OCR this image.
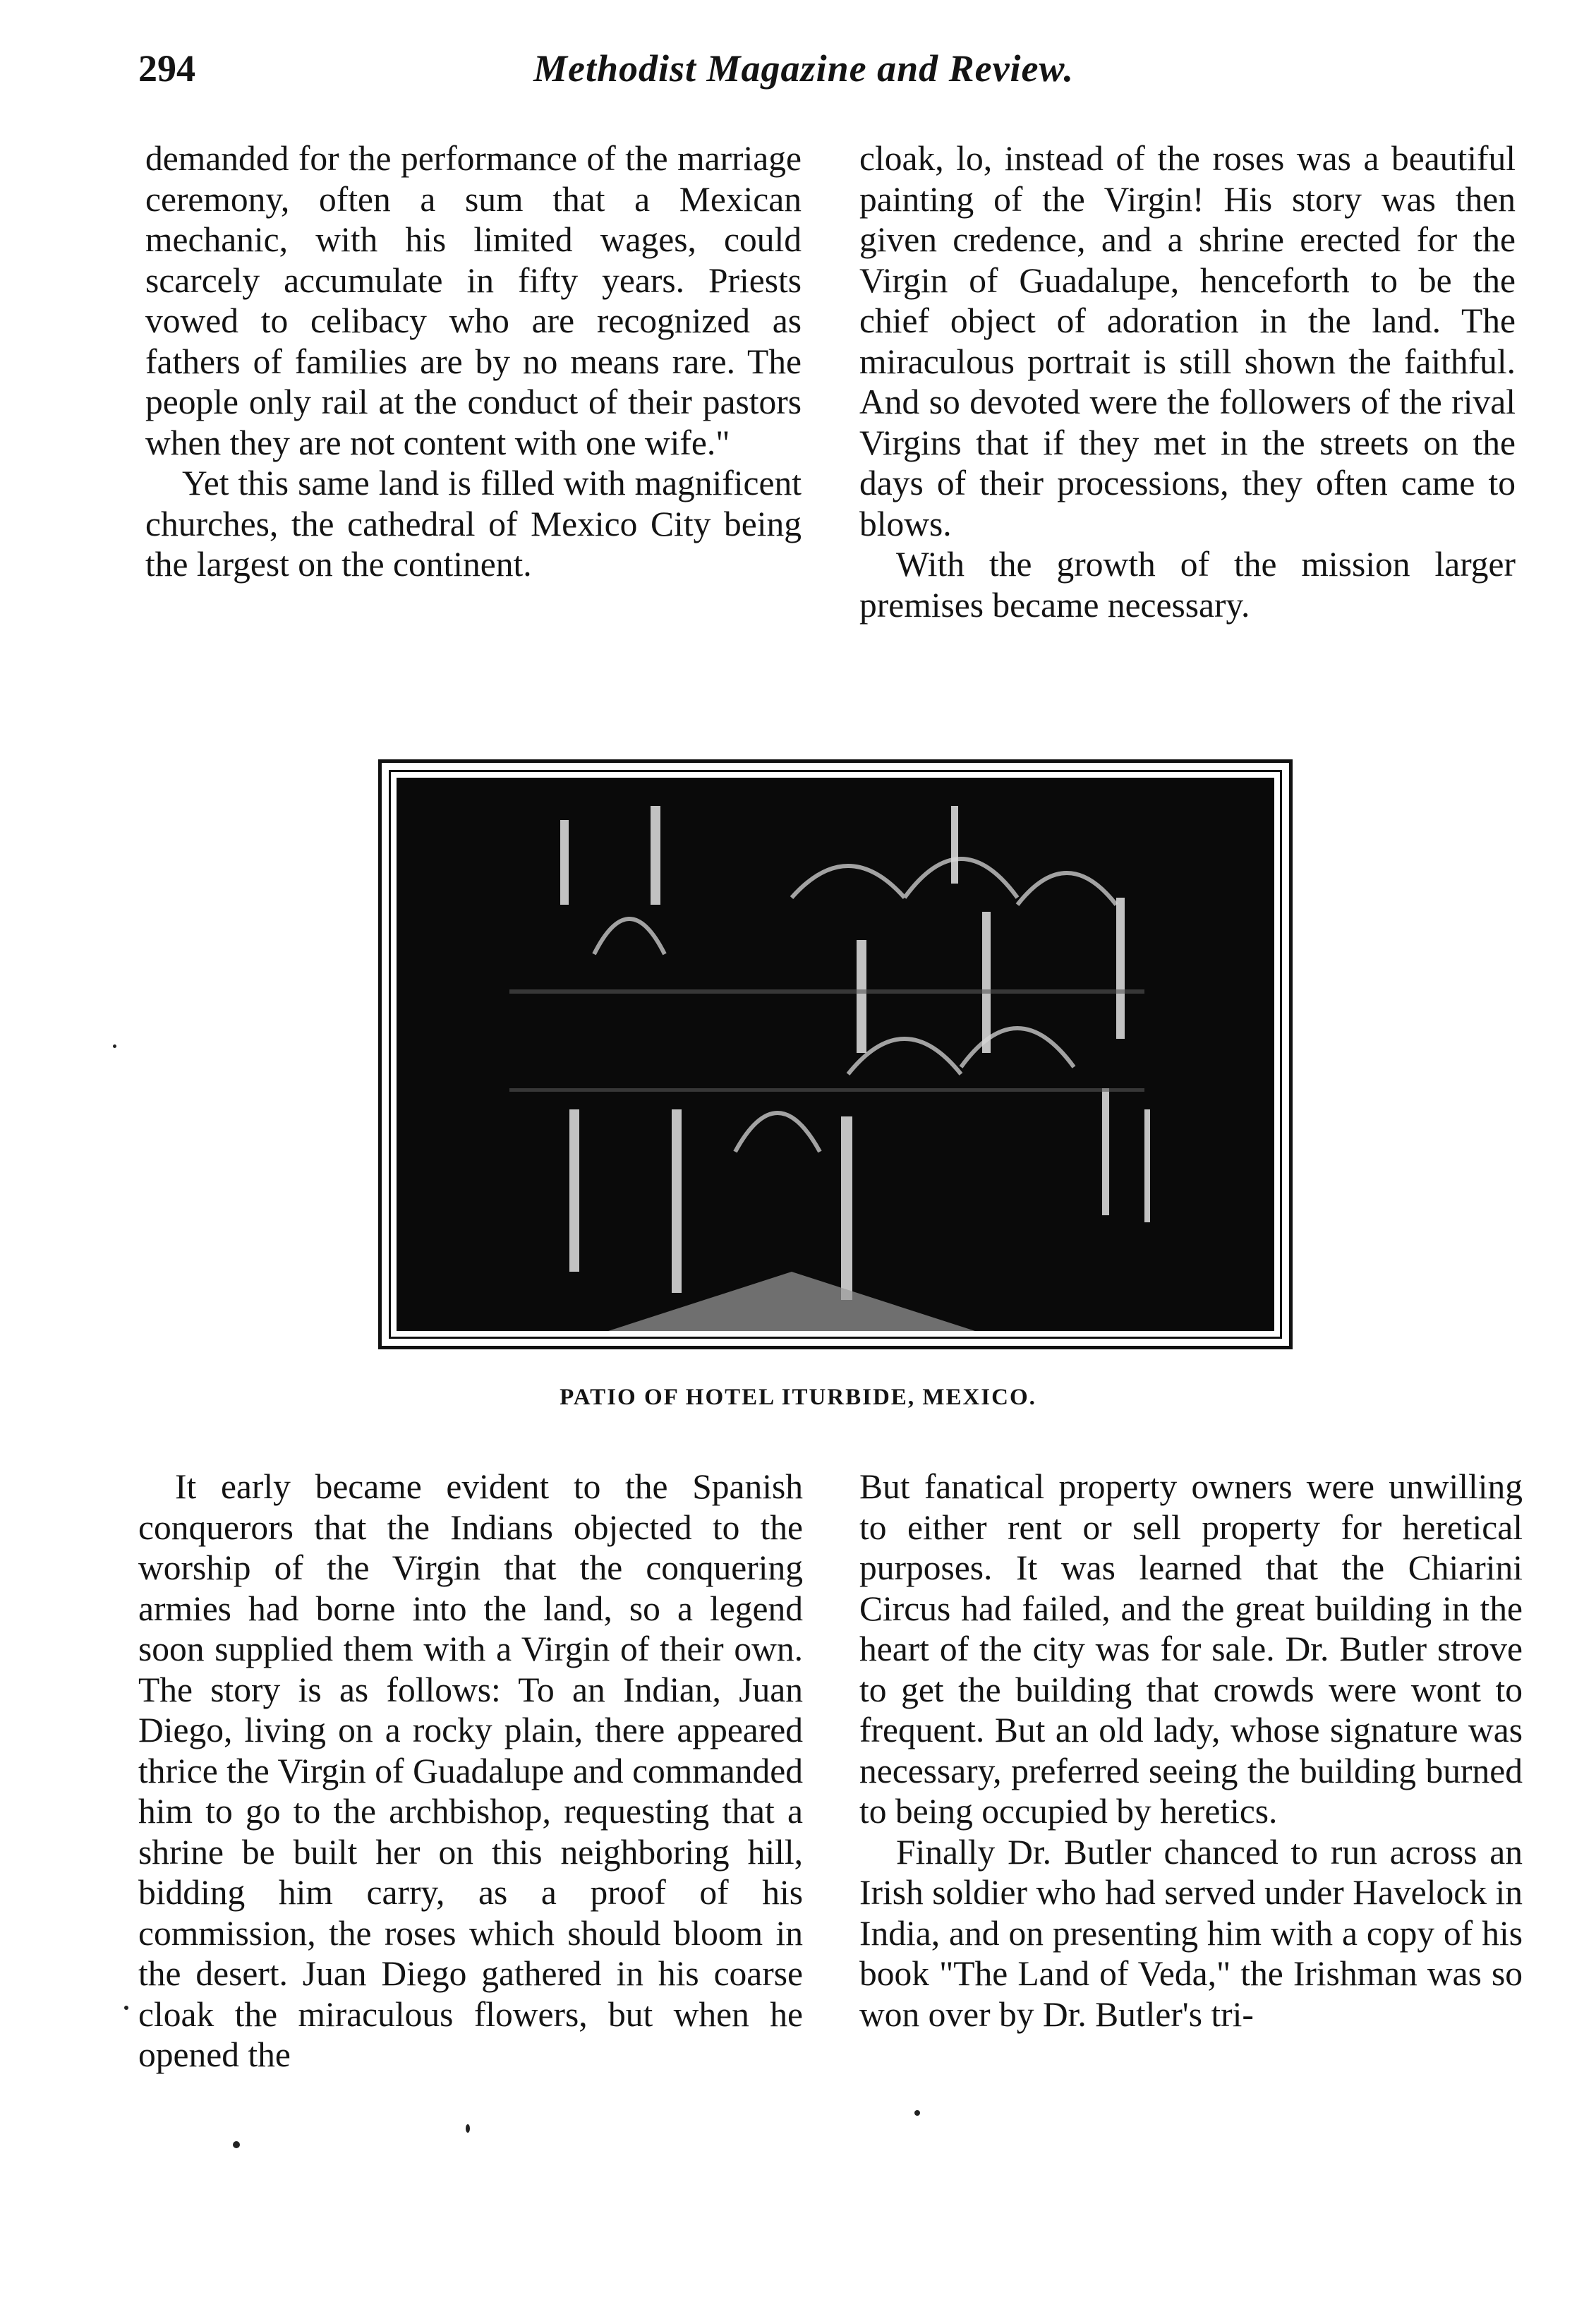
294	Methodist Magazine and Review.

demanded for the performance of the marriage ceremony, often a sum that a Mexican mechanic, with his limited wages, could scarcely accumulate in fifty years. Priests vowed to celibacy who are recognized as fathers of families are by no means rare. The people only rail at the conduct of their pastors when they are not content with one wife."

Yet this same land is filled with magnificent churches, the cathedral of Mexico City being the largest on the continent.

cloak, lo, instead of the roses was a beautiful painting of the Virgin! His story was then given credence, and a shrine erected for the Virgin of Guadalupe, henceforth to be the chief object of adoration in the land. The miraculous portrait is still shown the faithful. And so devoted were the followers of the rival Virgins that if they met in the streets on the days of their processions, they often came to blows.

With the growth of the mission larger premises became necessary.

PATIO OF HOTEL ITURBIDE, MEXICO.

It early became evident to the Spanish conquerors that the Indians objected to the worship of the Virgin that the conquering armies had borne into the land, so a legend soon supplied them with a Virgin of their own. The story is as follows: To an Indian, Juan Diego, living on a rocky plain, there appeared thrice the Virgin of Guadalupe and commanded him to go to the archbishop, requesting that a shrine be built her on this neighboring hill, bidding him carry, as a proof of his commission, the roses which should bloom in the desert. Juan Diego gathered in his coarse cloak the miraculous flowers, but when he opened the

But fanatical property owners were unwilling to either rent or sell property for heretical purposes. It was learned that the Chiarini Circus had failed, and the great building in the heart of the city was for sale. Dr. Butler strove to get the building that crowds were wont to frequent. But an old lady, whose signature was necessary, preferred seeing the building burned to being occupied by heretics.

Finally Dr. Butler chanced to run across an Irish soldier who had served under Havelock in India, and on presenting him with a copy of his book "The Land of Veda," the Irishman was so won over by Dr. Butler's tri-
